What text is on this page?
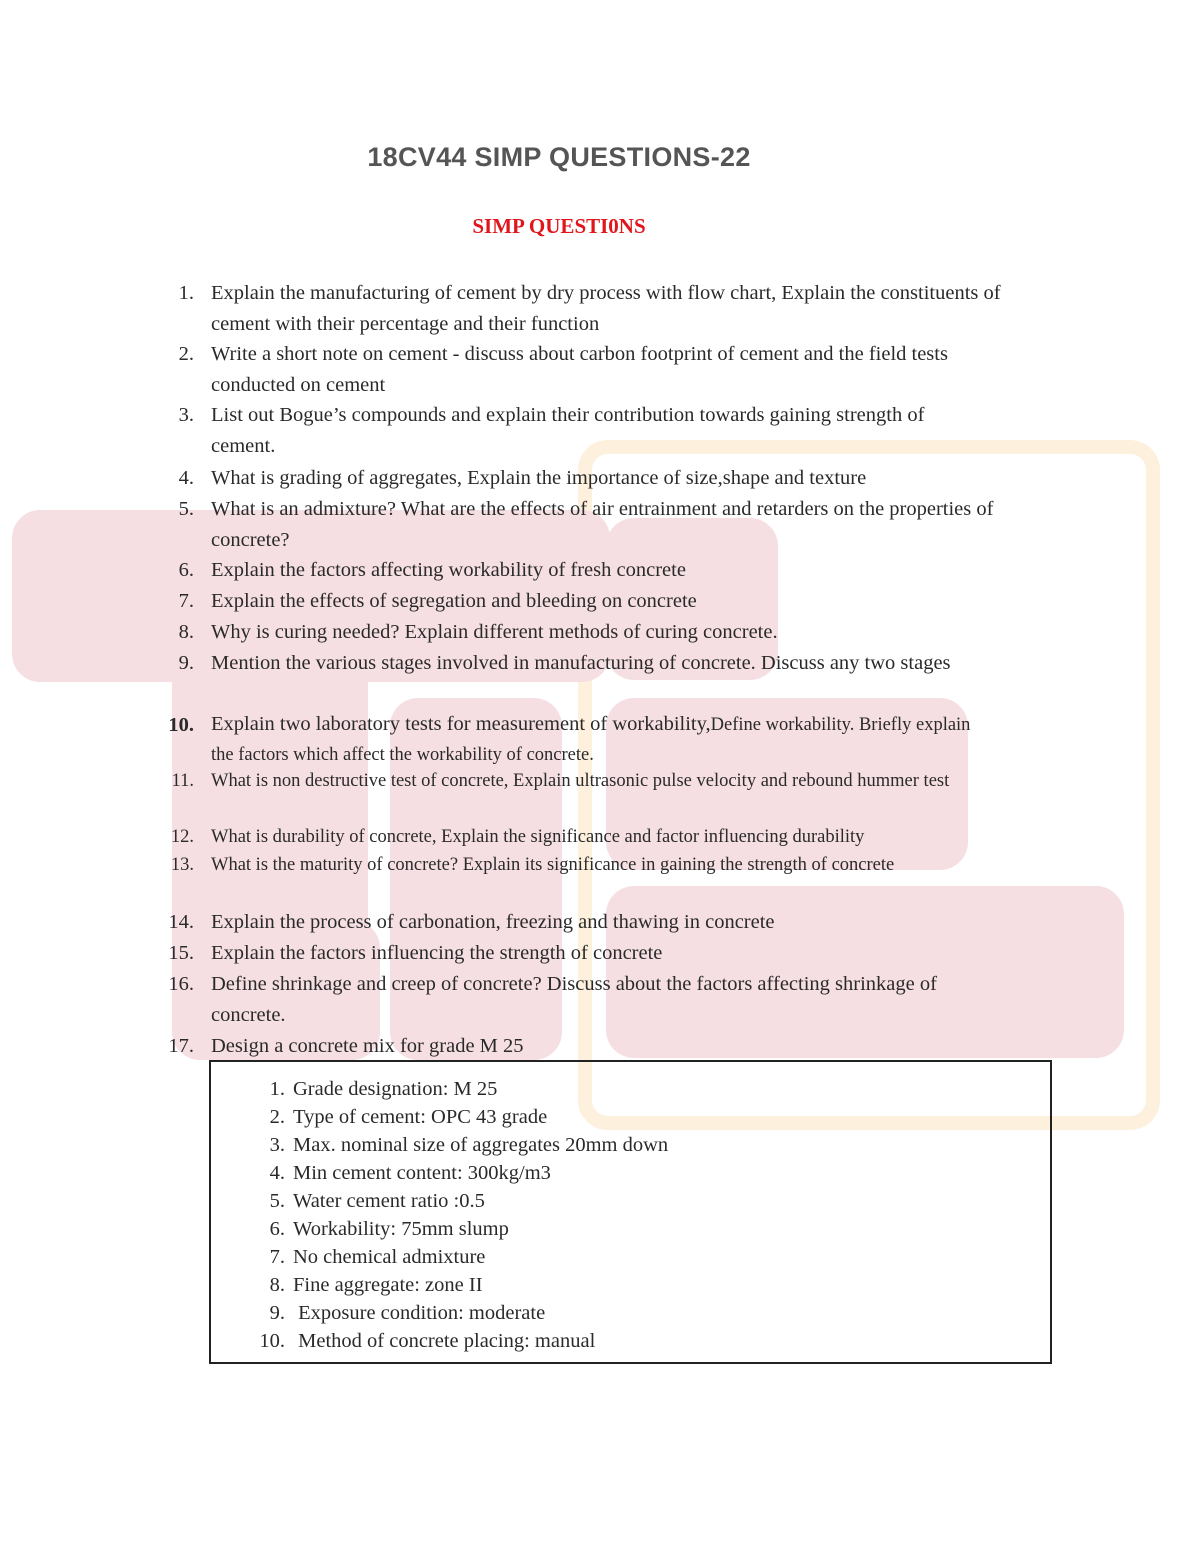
18CV44 SIMP QUESTIONS-22
SIMP QUESTI0NS
1. Explain the manufacturing of cement by dry process with flow chart, Explain the constituents of cement with their percentage and their function
2. Write a short note on cement - discuss about carbon footprint of cement and the field tests conducted on cement
3. List out Bogue’s compounds and explain their contribution towards gaining strength of cement.
4. What is grading of aggregates, Explain the importance of size,shape and texture
5. What is an admixture? What are the effects of air entrainment and retarders on the properties of concrete?
6. Explain the factors affecting workability of fresh concrete
7. Explain the effects of segregation and bleeding on concrete
8. Why is curing needed? Explain different methods of curing concrete.
9. Mention the various stages involved in manufacturing of concrete. Discuss any two stages
10. Explain two laboratory tests for measurement of workability,Define workability. Briefly explain the factors which affect the workability of concrete.
11. What is non destructive test of concrete, Explain ultrasonic pulse velocity and rebound hummer test
12. What is durability of concrete, Explain the significance and factor influencing durability
13. What is the maturity of concrete? Explain its significance in gaining the strength of concrete
14. Explain the process of carbonation, freezing and thawing in concrete
15. Explain the factors influencing the strength of concrete
16. Define shrinkage and creep of concrete? Discuss about the factors affecting shrinkage of concrete.
17. Design a concrete mix for grade M 25
1. Grade designation: M 25
2. Type of cement: OPC 43 grade
3. Max. nominal size of aggregates 20mm down
4. Min cement content: 300kg/m3
5. Water cement ratio :0.5
6. Workability: 75mm slump
7. No chemical admixture
8. Fine aggregate: zone II
9. Exposure condition: moderate
10. Method of concrete placing: manual
